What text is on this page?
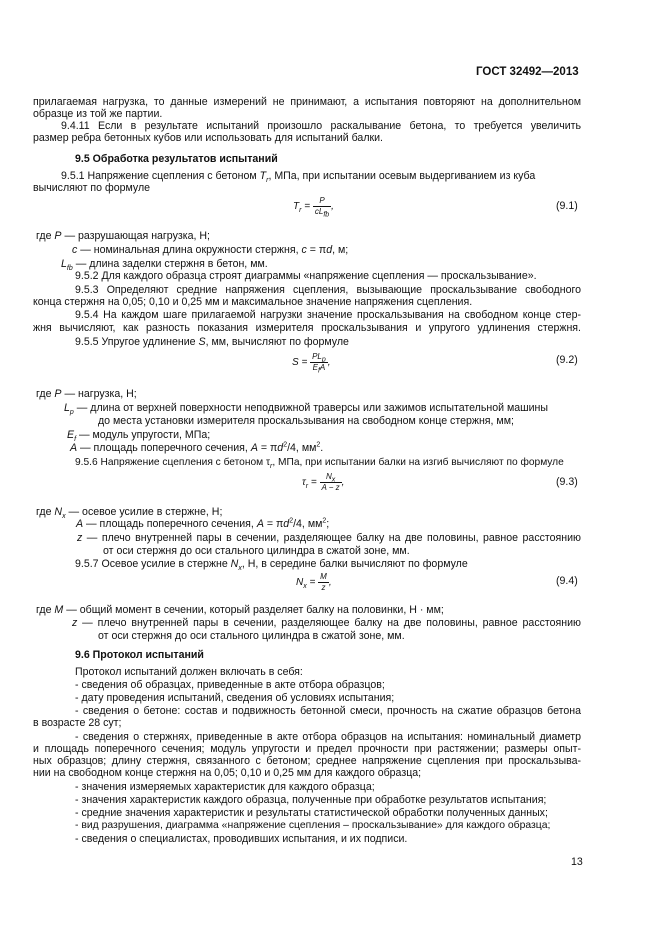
ГОСТ 32492—2013
прилагаемая нагрузка, то данные измерений не принимают, а испытания повторяют на дополнительном
образце из той же партии.
9.4.11 Если в результате испытаний произошло раскалывание бетона, то требуется увеличить
размер ребра бетонных кубов или использовать для испытаний балки.
9.5 Обработка результатов испытаний
9.5.1 Напряжение сцепления с бетоном $T_r$, МПа, при испытании осевым выдергиванием из куба
вычисляют по формуле
$T_r = \frac{P}{cL_{fb}}$ ,	(9.1)
где P — разрушающая нагрузка, Н;
c — номинальная длина окружности стержня, c = πd, м;
$L_{fb}$ — длина заделки стержня в бетон, мм.
9.5.2 Для каждого образца строят диаграммы «напряжение сцепления — проскальзывание».
9.5.3 Определяют средние напряжения сцепления, вызывающие проскальзывание свободного
конца стержня на 0,05; 0,10 и 0,25 мм и максимальное значение напряжения сцепления.
9.5.4 На каждом шаге прилагаемой нагрузки значение проскальзывания на свободном конце стер-
жня вычисляют, как разность показания измерителя проскальзывания и упругого удлинения стержня.
9.5.5 Упругое удлинение S, мм, вычисляют по формуле
$S = \frac{PL_p}{E_fA}$ ,	(9.2)
где P — нагрузка, Н;
$L_p$ — длина от верхней поверхности неподвижной траверсы или зажимов испытательной машины
до места установки измерителя проскальзывания на свободном конце стержня, мм;
$E_f$ — модуль упругости, МПа;
A — площадь поперечного сечения, $A = \pi d^2/4$, $мм^2$.
9.5.6 Напряжение сцепления с бетоном $\tau_r$, МПа, при испытании балки на изгиб вычисляют по формуле
$\tau_r = \frac{N_x}{A - z}$ ,	(9.3)
где $N_x$ — осевое усилие в стержне, Н;
A — площадь поперечного сечения, $A = \pi d^2/4$, $мм^2$;
z — плечо внутренней пары в сечении, разделяющее балку на две половины, равное расстоянию
от оси стержня до оси стального цилиндра в сжатой зоне, мм.
9.5.7 Осевое усилие в стержне $N_x$, Н, в середине балки вычисляют по формуле
$N_x = \frac{M}{z}$ ,	(9.4)
где M — общий момент в сечении, который разделяет балку на половинки, Н · мм;
z — плечо внутренней пары в сечении, разделяющее балку на две половины, равное расстоянию
от оси стержня до оси стального цилиндра в сжатой зоне, мм.
9.6 Протокол испытаний
Протокол испытаний должен включать в себя:
- сведения об образцах, приведенные в акте отбора образцов;
- дату проведения испытаний, сведения об условиях испытания;
- сведения о бетоне: состав и подвижность бетонной смеси, прочность на сжатие образцов бетона
в возрасте 28 сут;
- сведения о стержнях, приведенные в акте отбора образцов на испытания: номинальный диаметр
и площадь поперечного сечения; модуль упругости и предел прочности при растяжении; размеры опыт-
ных образцов; длину стержня, связанного с бетоном; среднее напряжение сцепления при проскальзыва-
нии на свободном конце стержня на 0,05; 0,10 и 0,25 мм для каждого образца;
- значения измеряемых характеристик для каждого образца;
- значения характеристик каждого образца, полученные при обработке результатов испытания;
- средние значения характеристик и результаты статистической обработки полученных данных;
- вид разрушения, диаграмма «напряжение сцепления – проскальзывание» для каждого образца;
- сведения о специалистах, проводивших испытания, и их подписи.
13
